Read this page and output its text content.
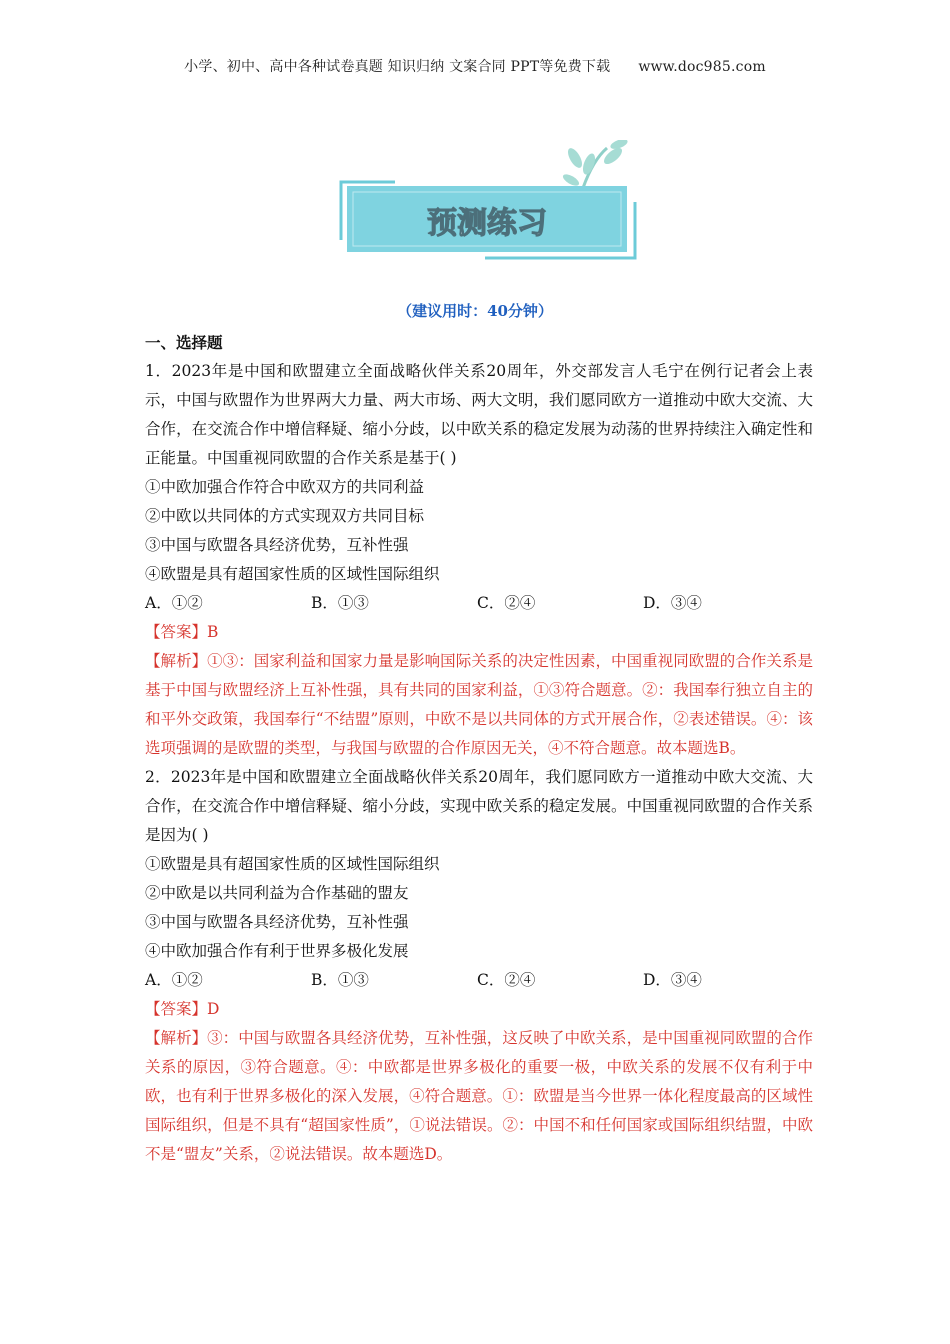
小学、初中、高中各种试卷真题 知识归纳 文案合同 PPT等免费下载 www.doc985.com
预测练习
（建议用时：40分钟）
一、选择题
1．2023年是中国和欧盟建立全面战略伙伴关系20周年，外交部发言人毛宁在例行记者会上表示，中国与欧盟作为世界两大力量、两大市场、两大文明，我们愿同欧方一道推动中欧大交流、大合作，在交流合作中增信释疑、缩小分歧，以中欧关系的稳定发展为动荡的世界持续注入确定性和正能量。中国重视同欧盟的合作关系是基于( )
①中欧加强合作符合中欧双方的共同利益
②中欧以共同体的方式实现双方共同目标
③中国与欧盟各具经济优势，互补性强
④欧盟是具有超国家性质的区域性国际组织
A．①②	B．①③	C．②④	D．③④
【答案】B
【解析】①③：国家利益和国家力量是影响国际关系的决定性因素，中国重视同欧盟的合作关系是基于中国与欧盟经济上互补性强，具有共同的国家利益，①③符合题意。②：我国奉行独立自主的和平外交政策，我国奉行“不结盟”原则，中欧不是以共同体的方式开展合作，②表述错误。④：该选项强调的是欧盟的类型，与我国与欧盟的合作原因无关，④不符合题意。故本题选B。
2．2023年是中国和欧盟建立全面战略伙伴关系20周年，我们愿同欧方一道推动中欧大交流、大合作，在交流合作中增信释疑、缩小分歧，实现中欧关系的稳定发展。中国重视同欧盟的合作关系是因为( )
①欧盟是具有超国家性质的区域性国际组织
②中欧是以共同利益为合作基础的盟友
③中国与欧盟各具经济优势，互补性强
④中欧加强合作有利于世界多极化发展
A．①②	B．①③	C．②④	D．③④
【答案】D
【解析】③：中国与欧盟各具经济优势，互补性强，这反映了中欧关系，是中国重视同欧盟的合作关系的原因，③符合题意。④：中欧都是世界多极化的重要一极，中欧关系的发展不仅有利于中欧，也有利于世界多极化的深入发展，④符合题意。①：欧盟是当今世界一体化程度最高的区域性国际组织，但是不具有“超国家性质”，①说法错误。②：中国不和任何国家或国际组织结盟，中欧不是“盟友”关系，②说法错误。故本题选D。
